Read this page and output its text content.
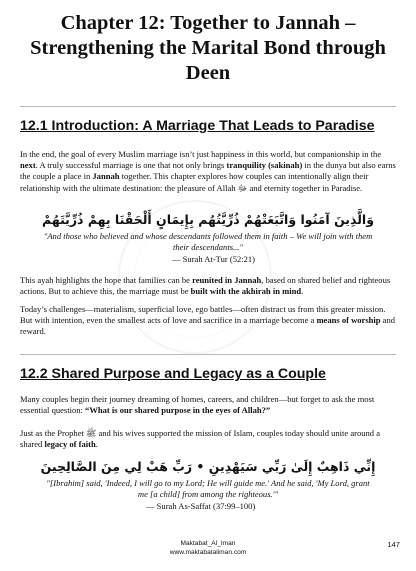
Chapter 12: Together to Jannah –
Strengthening the Marital Bond through
Deen
12.1 Introduction: A Marriage That Leads to Paradise
In the end, the goal of every Muslim marriage isn’t just happiness in this world, but companionship in the next. A truly successful marriage is one that not only brings tranquility (sakinah) in the dunya but also earns the couple a place in Jannah together. This chapter explores how couples can intentionally align their relationship with the ultimate destination: the pleasure of Allah ﷻ and eternity together in Paradise.
وَالَّذِينَ آمَنُوا وَاتَّبَعَتْهُمْ ذُرِّيَّتُهُم بِإِيمَانٍ أَلْحَقْنَا بِهِمْ ذُرِّيَّتَهُمْ
"And those who believed and whose descendants followed them in faith – We will join with them
their descendants..."
— Surah At-Tur (52:21)
This ayah highlights the hope that families can be reunited in Jannah, based on shared belief and righteous actions. But to achieve this, the marriage must be built with the akhirah in mind.
Today’s challenges—materialism, superficial love, ego battles—often distract us from this greater mission. But with intention, even the smallest acts of love and sacrifice in a marriage become a means of worship and reward.
12.2 Shared Purpose and Legacy as a Couple
Many couples begin their journey dreaming of homes, careers, and children—but forget to ask the most essential question: “What is our shared purpose in the eyes of Allah?”
Just as the Prophet ﷺ and his wives supported the mission of Islam, couples today should unite around a shared legacy of faith.
إِنِّي ذَاهِبٌ إِلَىٰ رَبِّي سَيَهْدِينِ • رَبِّ هَبْ لِي مِنَ الصَّالِحِينَ
"[Ibrahim] said, 'Indeed, I will go to my Lord; He will guide me.' And he said, 'My Lord, grant
me [a child] from among the righteous.'"
— Surah As-Saffat (37:99–100)
Maktabat_Al_Iman
www.maktabataliman.com
147
